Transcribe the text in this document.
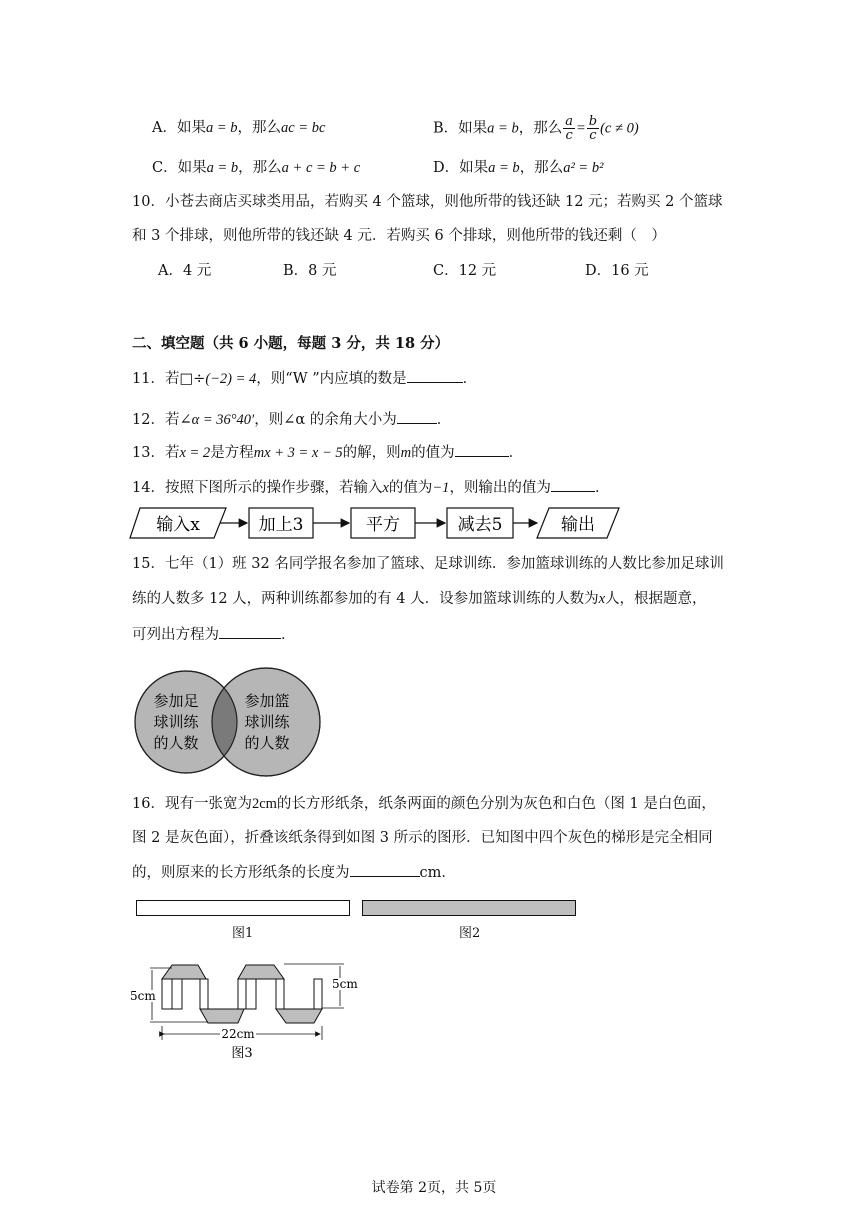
A．如果a = b，那么ac = bc	B．如果a = b，那么 $\frac{a}{c} = \frac{b}{c} (c \ne 0)$
C．如果a = b，那么a + c = b + c	D．如果a = b，那么a² = b²
10．小苍去商店买球类用品，若购买 4 个篮球，则他所带的钱还缺 12 元；若购买 2 个篮球
和 3 个排球，则他所带的钱还缺 4 元．若购买 6 个排球，则他所带的钱还剩（　）
A．4 元	B．8 元	C．12 元	D．16 元
二、填空题（共 6 小题，每题 3 分，共 18 分）
11．若□÷(−2) = 4，则“W ”内应填的数是	．
12．若∠α = 36°40′，则∠α 的余角大小为	．
13．若x = 2是方程mx + 3 = x − 5的解，则m的值为	．
14．按照下图所示的操作步骤，若输入x的值为−1，则输出的值为	．
输入x	加上3	平方	减去5	输出
15．七年（1）班 32 名同学报名参加了篮球、足球训练．参加篮球训练的人数比参加足球训
练的人数多 12 人，两种训练都参加的有 4 人．设参加篮球训练的人数为x人，根据题意，
可列出方程为	．
参加足
球训练
的人数
参加篮
球训练
的人数
16．现有一张宽为2cm的长方形纸条，纸条两面的颜色分别为灰色和白色（图 1 是白色面，
图 2 是灰色面），折叠该纸条得到如图 3 所示的图形．已知图中四个灰色的梯形是完全相同
的，则原来的长方形纸条的长度为	cm．
图1	图2
5cm
5cm
22cm
图3
试卷第 2页，共 5页
